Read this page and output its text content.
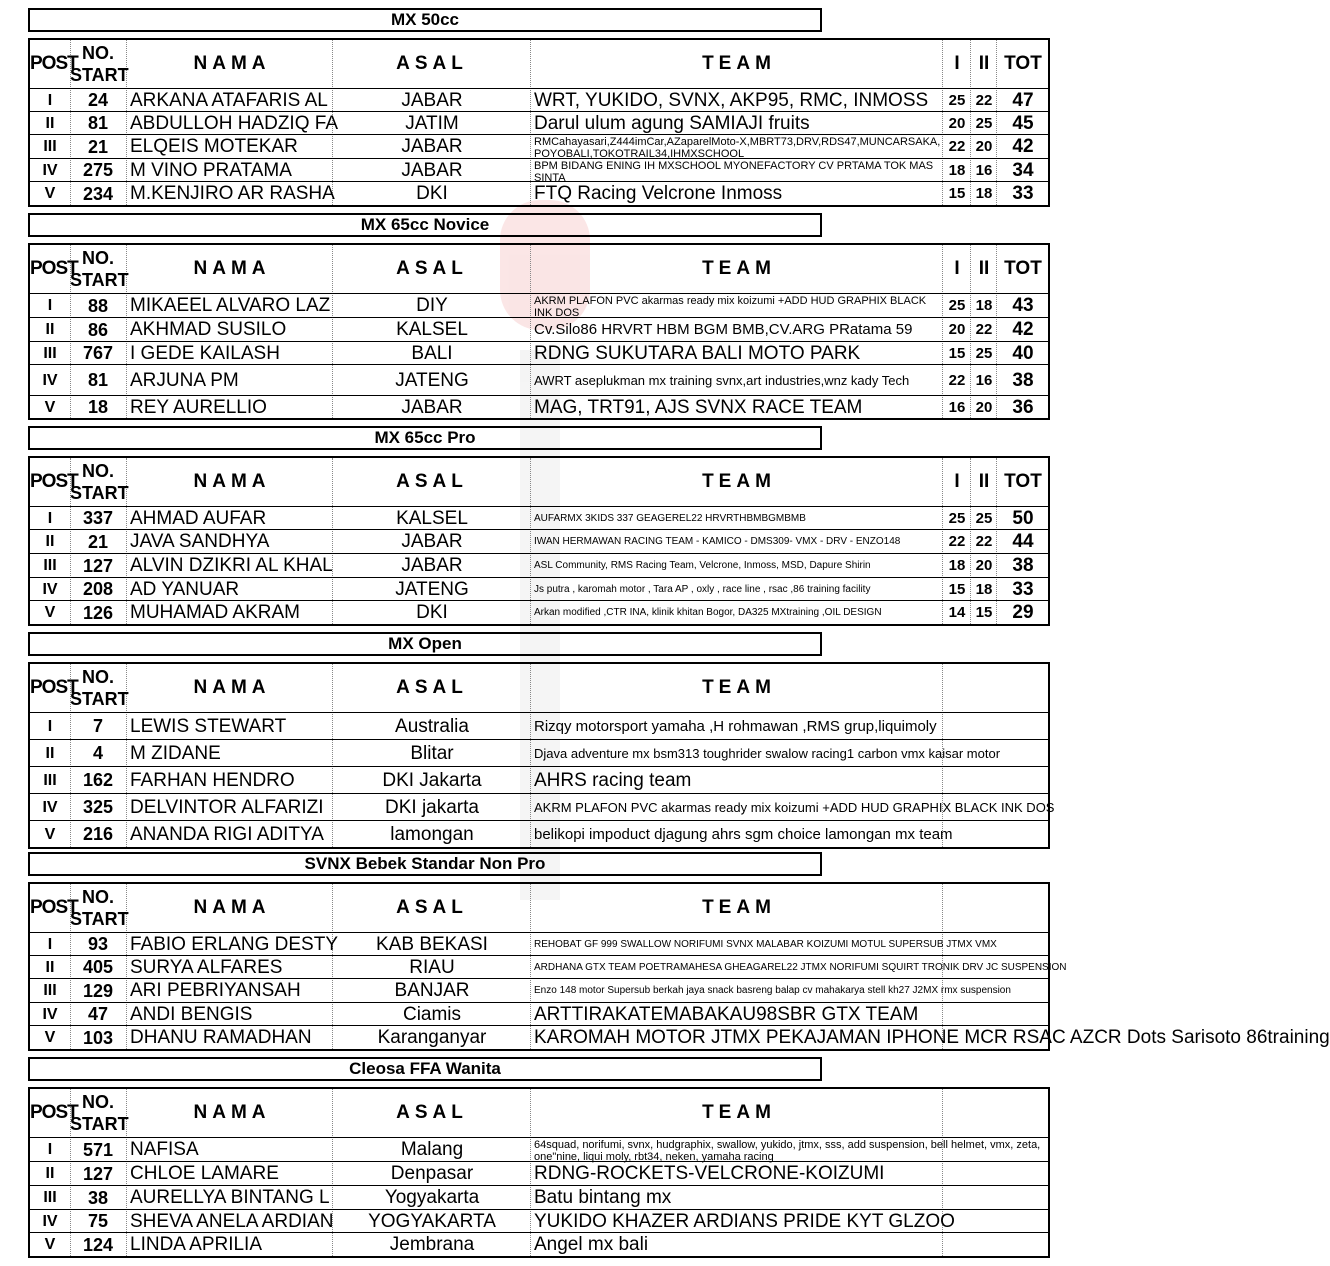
MX 50cc
POST NO.
START
NAMA	ASAL	TEAM	I	II TOT
I	24	ARKANA ATAFARIS AL	JABAR	WRT, YUKIDO, SVNX, AKP95, RMC, INMOSS	25 22	47
II	81	ABDULLOH HADZIQ FA	JATIM	Darul ulum agung SAMIAJI fruits	20 25	45
III	21	ELQEIS MOTEKAR	JABAR	RMCahayasari,Z444imCar,AZaparelMoto-X,MBRT73,DRV,RDS47,MUNCARSAKA, POYOBALI,TOKOTRAIL34,IHMXSCHOOL	22 20	42
IV	275 M VINO PRATAMA	JABAR	BPM BIDANG ENING IH MXSCHOOL MYONEFACTORY CV PRTAMA TOK MAS SINTA	18 16	34
V	234 M.KENJIRO AR RASHA	DKI	FTQ Racing Velcrone Inmoss	15 18	33
MX 65cc Novice
POST NO.
START
NAMA	ASAL	TEAM	I	II TOT
I	88	MIKAEEL ALVARO LAZ	DIY	AKRM PLAFON PVC akarmas ready mix koizumi +ADD HUD GRAPHIX BLACK INK DOS	25 18	43
II	86	AKHMAD SUSILO	KALSEL	Cv.Silo86 HRVRT HBM BGM BMB,CV.ARG PRatama 59	20 22	42
III	767 I GEDE KAILASH	BALI	RDNG SUKUTARA BALI MOTO PARK	15 25	40
IV	81	ARJUNA PM	JATENG	AWRT aseplukman mx training svnx,art industries,wnz kady Tech	22 16	38
V	18	REY AURELLIO	JABAR	MAG, TRT91, AJS SVNX RACE TEAM	16 20	36
MX 65cc Pro
POST NO.
START
NAMA	ASAL	TEAM	I	II TOT
I	337 AHMAD AUFAR	KALSEL	AUFARMX 3KIDS 337 GEAGEREL22 HRVRTHBMBGMBMB	25 25	50
II	21	JAVA SANDHYA	JABAR	IWAN HERMAWAN RACING TEAM - KAMICO - DMS309- VMX - DRV - ENZO148	22 22	44
III	127 ALVIN DZIKRI AL KHAL	JABAR	ASL Community, RMS Racing Team, Velcrone, Inmoss, MSD, Dapure Shirin	18 20	38
IV	208 AD YANUAR	JATENG	Js putra , karomah motor , Tara AP , oxly , race line , rsac ,86 training facility	15 18	33
V	126 MUHAMAD AKRAM	DKI	Arkan modified ,CTR INA, klinik khitan Bogor, DA325 MXtraining ,OIL DESIGN	14 15	29
MX Open
POST NO.
START
NAMA	ASAL	TEAM
I	7	LEWIS STEWART	Australia	Rizqy motorsport yamaha ,H rohmawan ,RMS grup,liquimoly
II	4	M ZIDANE	Blitar	Djava adventure mx bsm313 toughrider swalow racing1 carbon vmx kaisar motor
III	162 FARHAN HENDRO	DKI Jakarta	AHRS racing team
IV	325 DELVINTOR ALFARIZI	DKI jakarta	AKRM PLAFON PVC akarmas ready mix koizumi +ADD HUD GRAPHIX BLACK INK DOS
V	216 ANANDA RIGI ADITYA	lamongan	belikopi impoduct djagung ahrs sgm choice lamongan mx team
SVNX Bebek Standar Non Pro
POST NO.
START
NAMA	ASAL	TEAM
I	93	FABIO ERLANG DESTY	KAB BEKASI	REHOBAT GF 999 SWALLOW NORIFUMI SVNX MALABAR KOIZUMI MOTUL SUPERSUB JTMX VMX
II	405 SURYA ALFARES	RIAU	ARDHANA GTX TEAM POETRAMAHESA GHEAGAREL22 JTMX NORIFUMI SQUIRT TRONIK DRV JC SUSPENSION
III	129 ARI PEBRIYANSAH	BANJAR	Enzo 148 motor Supersub berkah jaya snack basreng balap cv mahakarya stell kh27 J2MX rmx suspension
IV	47	ANDI BENGIS	Ciamis	ARTTIRAKATEMABAKAU98SBR GTX TEAM
V	103 DHANU RAMADHAN	Karanganyar	KAROMAH MOTOR JTMX PEKAJAMAN IPHONE MCR RSAC AZCR Dots Sarisoto 86training
Cleosa FFA Wanita
POST NO.
START
NAMA	ASAL	TEAM
I	571 NAFISA	Malang	64squad, norifumi, svnx, hudgraphix, swallow, yukido, jtmx, sss, add suspension, bell helmet, vmx, zeta, one"nine, liqui moly, rbt34, neken, yamaha racing
II	127 CHLOE LAMARE	Denpasar	RDNG-ROCKETS-VELCRONE-KOIZUMI
III	38	AURELLYA BINTANG L	Yogyakarta	Batu bintang mx
IV	75	SHEVA ANELA ARDIAN	YOGYAKARTA	YUKIDO KHAZER ARDIANS PRIDE KYT GLZOO
V	124 LINDA APRILIA	Jembrana	Angel mx bali
